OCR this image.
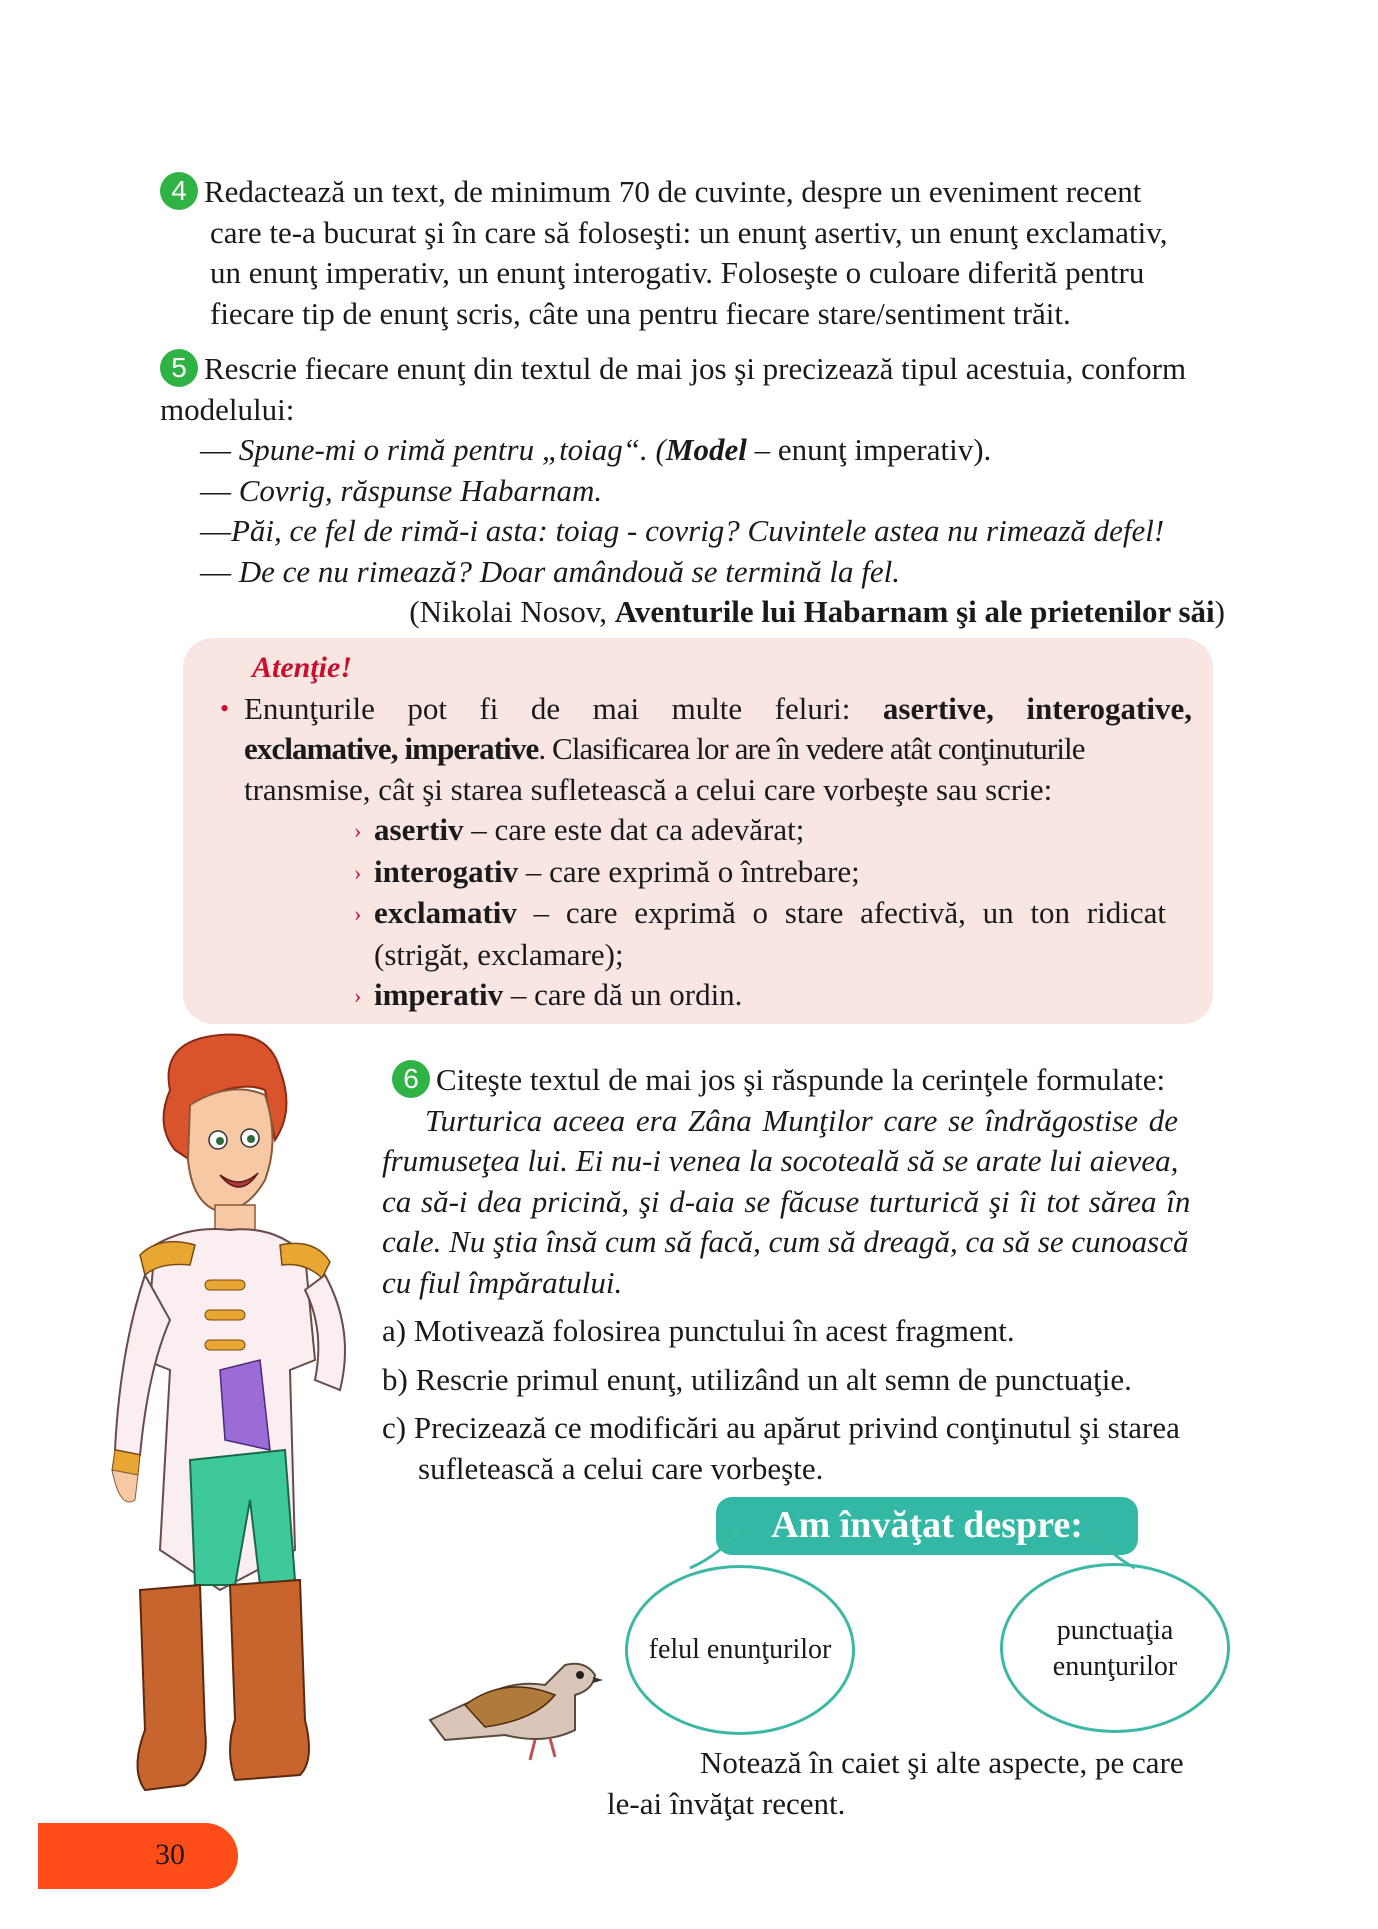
4 Redactează un text, de minimum 70 de cuvinte, despre un eveniment recent

care te-a bucurat şi în care să foloseşti: un enunţ asertiv, un enunţ exclamativ,

un enunţ imperativ, un enunţ interogativ. Foloseşte o culoare diferită pentru

fiecare tip de enunţ scris, câte una pentru fiecare stare/sentiment trăit.

5 Rescrie fiecare enunţ din textul de mai jos şi precizează tipul acestuia, conform

modelului:

— Spune-mi o rimă pentru „toiag“. (Model – enunţ imperativ).

— Covrig, răspunse Habarnam.

—Păi, ce fel de rimă-i asta: toiag - covrig? Cuvintele astea nu rimează defel!

— De ce nu rimează? Doar amândouă se termină la fel.

(Nikolai Nosov, Aventurile lui Habarnam şi ale prietenilor săi)

Atenţie!

• Enunţurile pot fi de mai multe feluri: asertive, interogative,

exclamative, imperative. Clasificarea lor are în vedere atât conţinuturile

transmise, cât şi starea sufletească a celui care vorbeşte sau scrie:

› asertiv – care este dat ca adevărat;

› interogativ – care exprimă o întrebare;

› exclamativ – care exprimă o stare afectivă, un ton ridicat

(strigăt, exclamare);

› imperativ – care dă un ordin.

6 Citeşte textul de mai jos şi răspunde la cerinţele formulate:

Turturica aceea era Zâna Munţilor care se îndrăgostise de

frumuseţea lui. Ei nu-i venea la socoteală să se arate lui aievea,

ca să-i dea pricină, şi d-aia se făcuse turturică şi îi tot sărea în

cale. Nu ştia însă cum să facă, cum să dreagă, ca să se cunoască

cu fiul împăratului.

a) Motivează folosirea punctului în acest fragment.

b) Rescrie primul enunţ, utilizând un alt semn de punctuaţie.

c) Precizează ce modificări au apărut privind conţinutul şi starea

sufletească a celui care vorbeşte.

Am învăţat despre:
felul enunţurilor
punctuaţia
enunţurilor

Notează în caiet şi alte aspecte, pe care

le-ai învăţat recent.

30
